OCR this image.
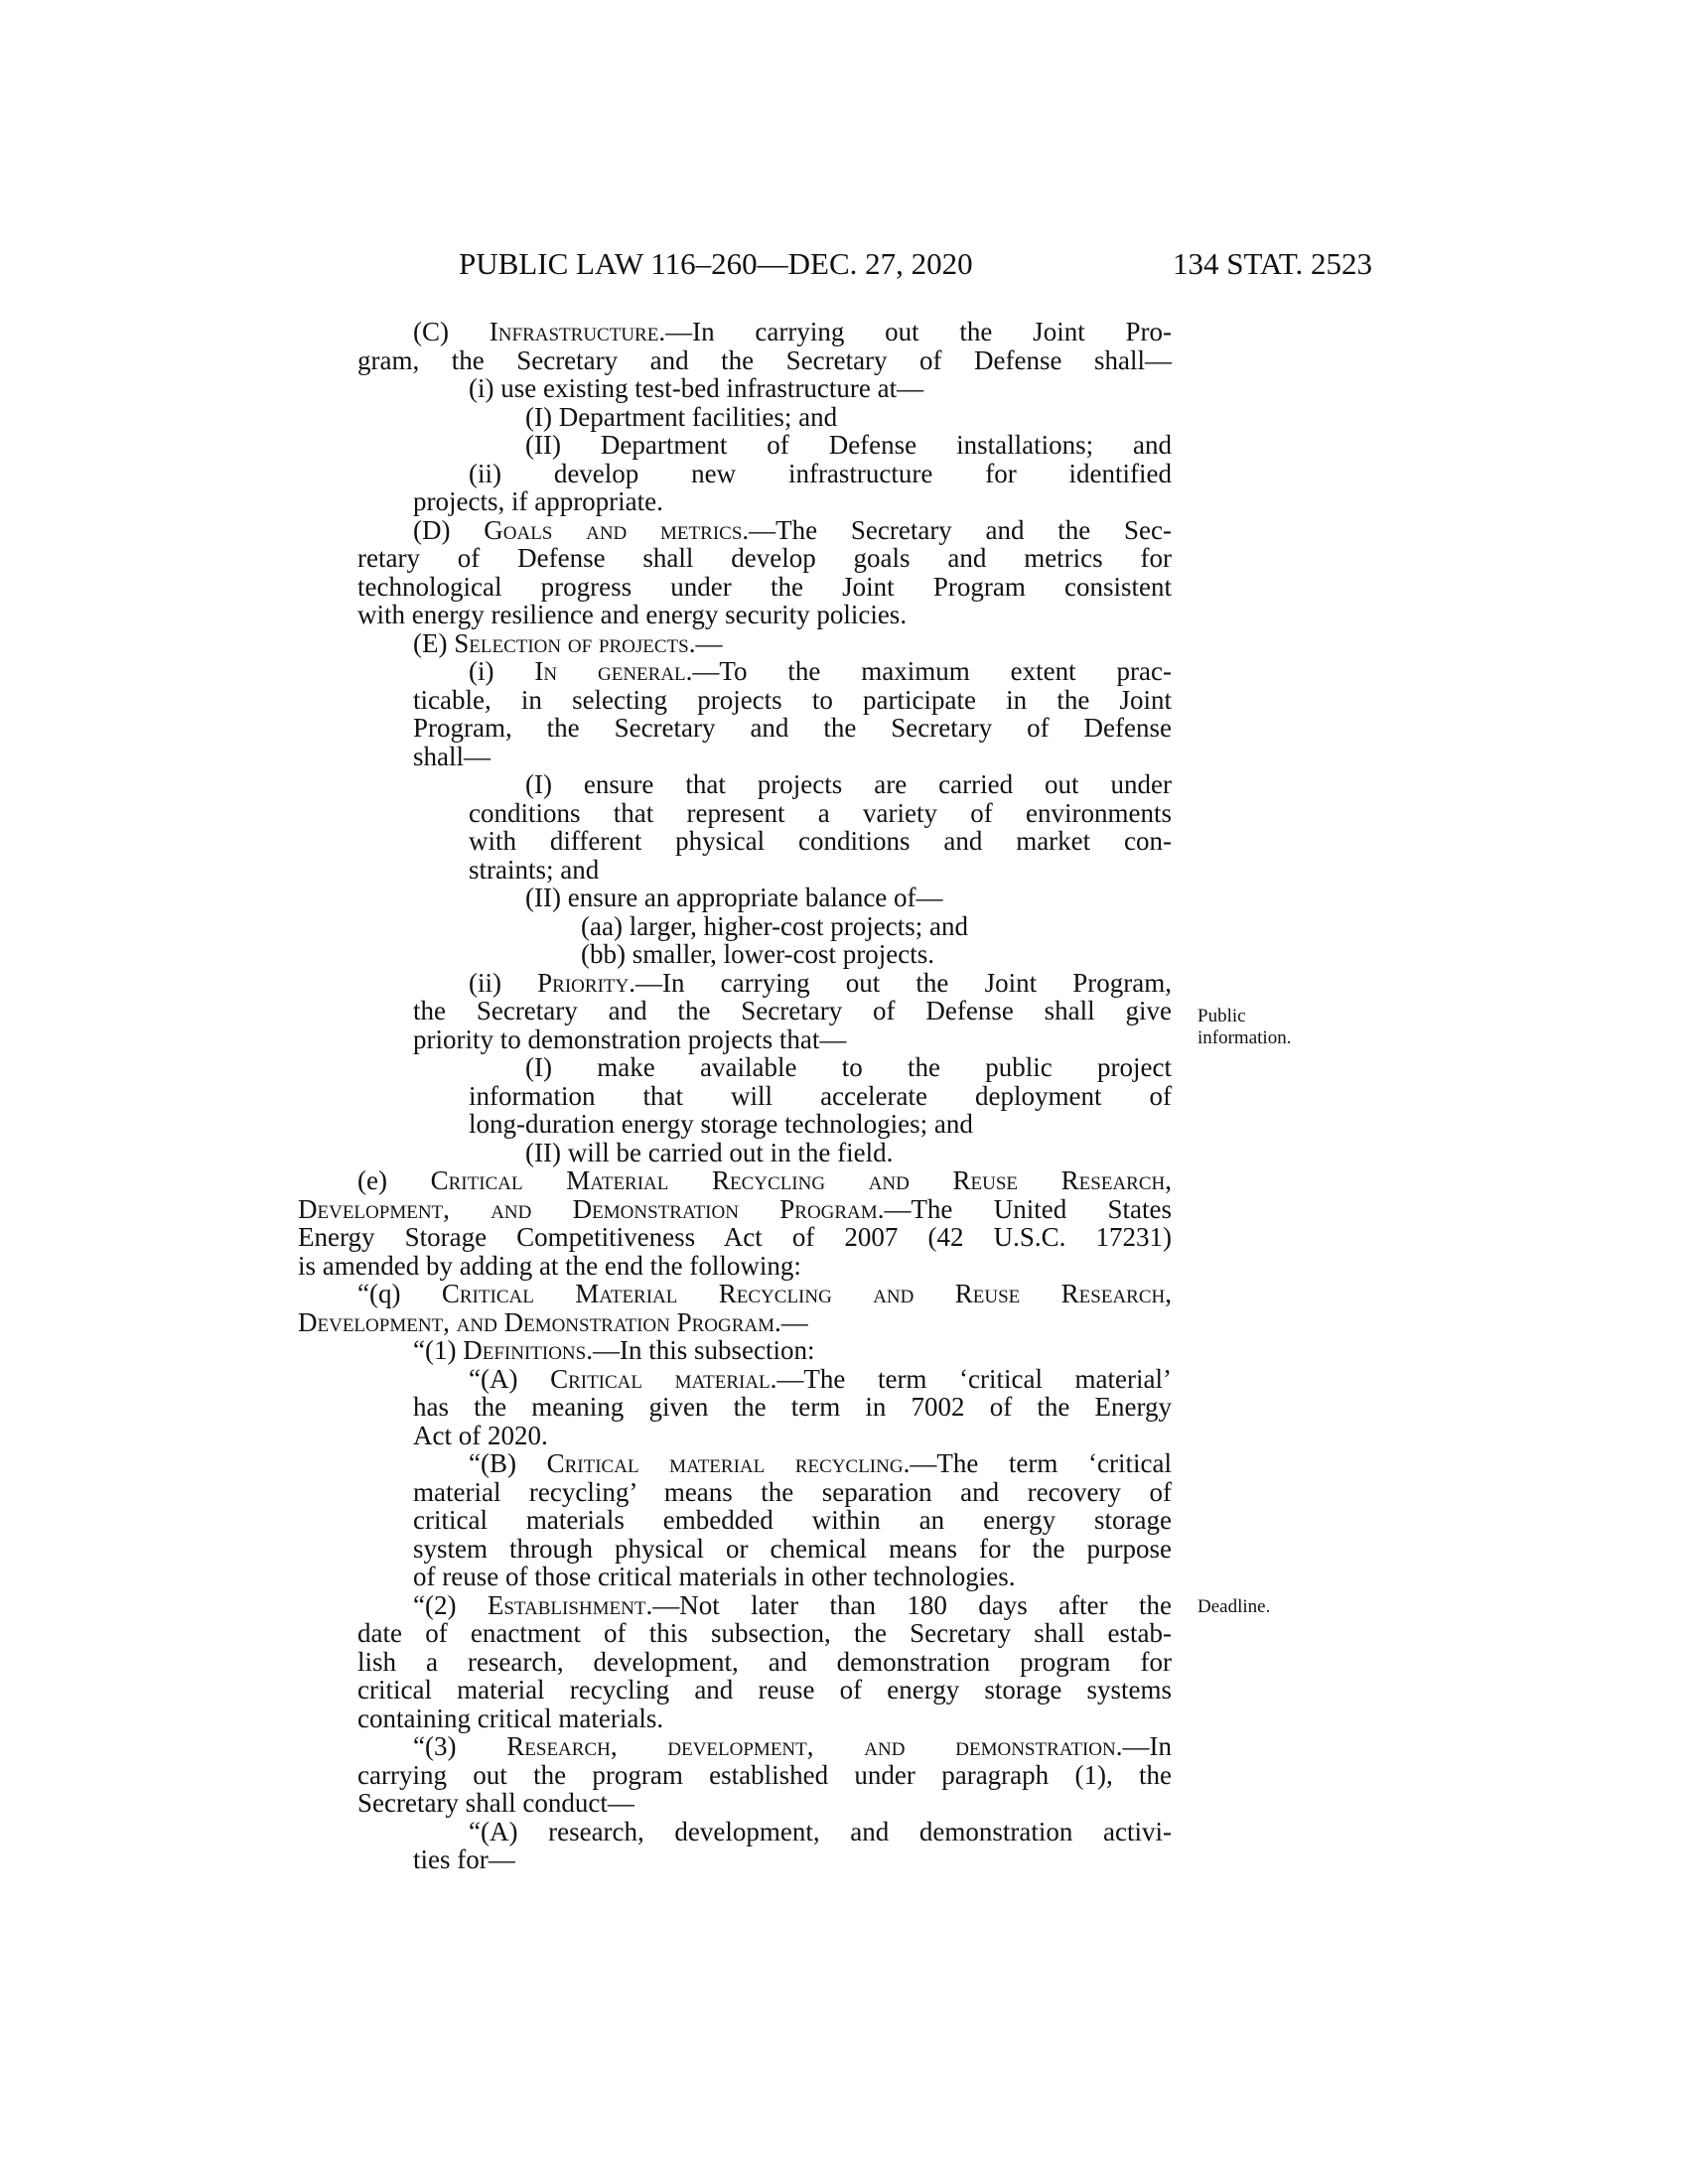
PUBLIC LAW 116–260—DEC. 27, 2020	134 STAT. 2523
(C) Infrastructure.—In carrying out the Joint Pro-
gram, the Secretary and the Secretary of Defense shall—
(i) use existing test-bed infrastructure at—
(I) Department facilities; and
(II) Department of Defense installations; and
(ii) develop new infrastructure for identified
projects, if appropriate.
(D) Goals and metrics.—The Secretary and the Sec-
retary of Defense shall develop goals and metrics for
technological progress under the Joint Program consistent
with energy resilience and energy security policies.
(E) Selection of projects.—
(i) In general.—To the maximum extent prac-
ticable, in selecting projects to participate in the Joint
Program, the Secretary and the Secretary of Defense
shall—
(I) ensure that projects are carried out under
conditions that represent a variety of environments
with different physical conditions and market con-
straints; and
(II) ensure an appropriate balance of—
(aa) larger, higher-cost projects; and
(bb) smaller, lower-cost projects.
(ii) Priority.—In carrying out the Joint Program,
the Secretary and the Secretary of Defense shall give
priority to demonstration projects that—
(I) make available to the public project
information that will accelerate deployment of
long-duration energy storage technologies; and
(II) will be carried out in the field.
(e) Critical Material Recycling and Reuse Research,
Development, and Demonstration Program.—The United States
Energy Storage Competitiveness Act of 2007 (42 U.S.C. 17231)
is amended by adding at the end the following:
“(q) Critical Material Recycling and Reuse Research,
Development, and Demonstration Program.—
“(1) Definitions.—In this subsection:
“(A) Critical material.—The term ‘critical material’
has the meaning given the term in 7002 of the Energy
Act of 2020.
“(B) Critical material recycling.—The term ‘critical
material recycling’ means the separation and recovery of
critical materials embedded within an energy storage
system through physical or chemical means for the purpose
of reuse of those critical materials in other technologies.
“(2) Establishment.—Not later than 180 days after the
date of enactment of this subsection, the Secretary shall estab-
lish a research, development, and demonstration program for
critical material recycling and reuse of energy storage systems
containing critical materials.
“(3) Research, development, and demonstration.—In
carrying out the program established under paragraph (1), the
Secretary shall conduct—
“(A) research, development, and demonstration activi-
ties for—
Public
information.
Deadline.
